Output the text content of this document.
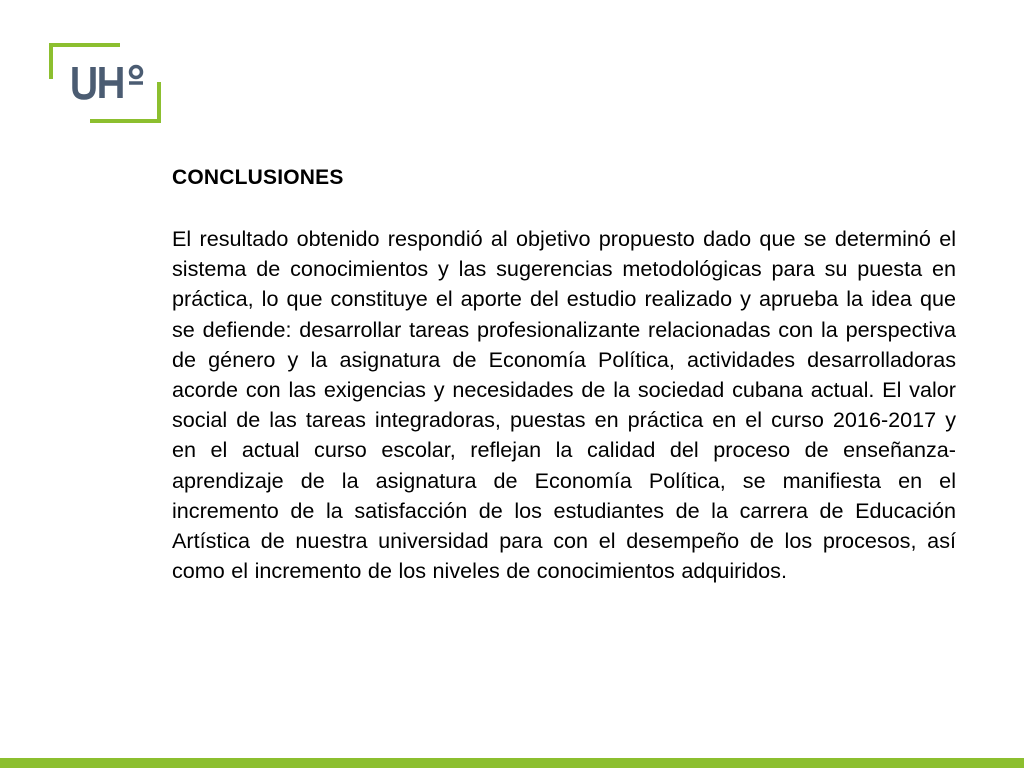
CONCLUSIONES

El resultado obtenido respondió al objetivo propuesto dado que se determinó el sistema de conocimientos y las sugerencias metodológicas para su puesta en práctica, lo que constituye el aporte del estudio realizado y aprueba la idea que se defiende: desarrollar tareas profesionalizante relacionadas con la perspectiva de género y la asignatura de Economía Política, actividades desarrolladoras acorde con las exigencias y necesidades de la sociedad cubana actual. El valor social de las tareas integradoras, puestas en práctica en el curso 2016-2017 y en el actual curso escolar, reflejan la calidad del proceso de enseñanza- aprendizaje de la asignatura de Economía Política, se manifiesta en el incremento de la satisfacción de los estudiantes de la carrera de Educación Artística de nuestra universidad para con el desempeño de los procesos, así como el incremento de los niveles de conocimientos adquiridos.
